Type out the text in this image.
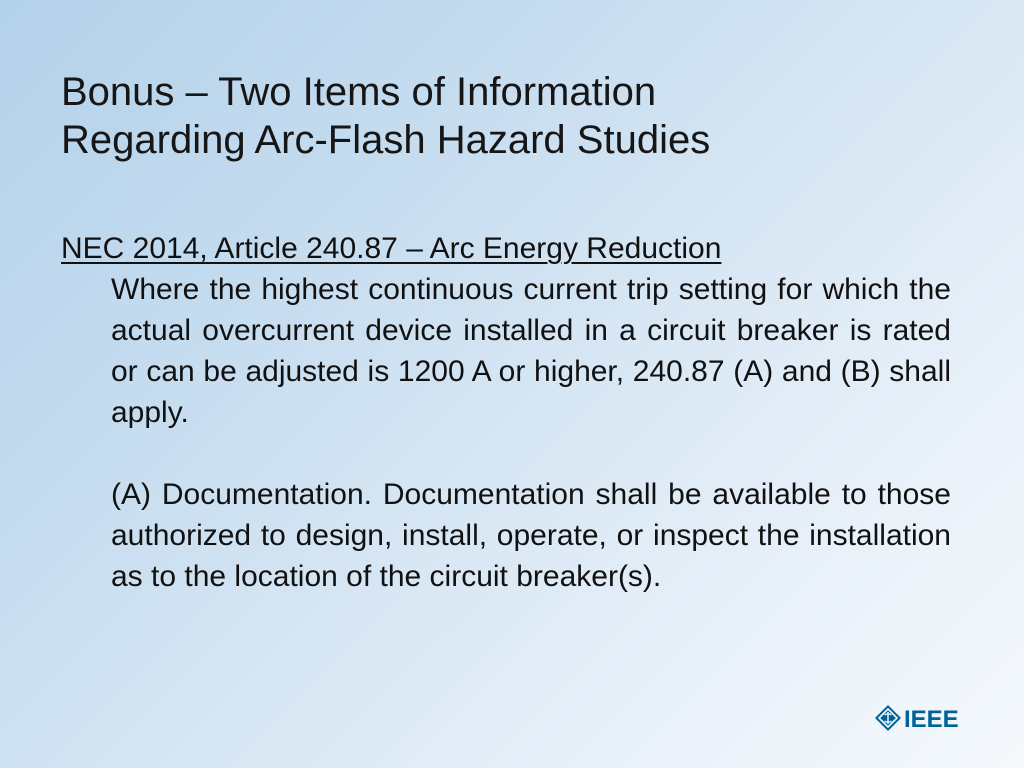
Bonus – Two Items of Information
Regarding Arc-Flash Hazard Studies

NEC 2014, Article 240.87 – Arc Energy Reduction

Where the highest continuous current trip setting for which the actual overcurrent device installed in a circuit breaker is rated or can be adjusted is 1200 A or higher, 240.87 (A) and (B) shall apply.

(A) Documentation. Documentation shall be available to those authorized to design, install, operate, or inspect the installation as to the location of the circuit breaker(s).

IEEE
